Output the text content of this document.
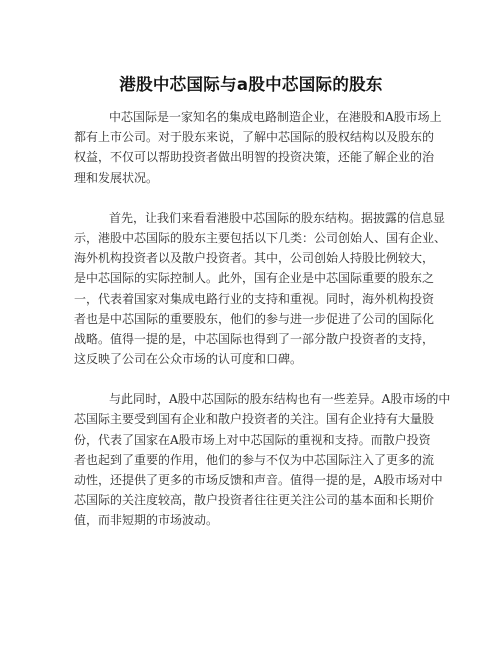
港股中芯国际与a股中芯国际的股东

中芯国际是一家知名的集成电路制造企业，在港股和A股市场上
都有上市公司。对于股东来说，了解中芯国际的股权结构以及股东的
权益，不仅可以帮助投资者做出明智的投资决策，还能了解企业的治
理和发展状况。

首先，让我们来看看港股中芯国际的股东结构。据披露的信息显
示，港股中芯国际的股东主要包括以下几类：公司创始人、国有企业、
海外机构投资者以及散户投资者。其中，公司创始人持股比例较大，
是中芯国际的实际控制人。此外，国有企业是中芯国际重要的股东之
一，代表着国家对集成电路行业的支持和重视。同时，海外机构投资
者也是中芯国际的重要股东，他们的参与进一步促进了公司的国际化
战略。值得一提的是，中芯国际也得到了一部分散户投资者的支持，
这反映了公司在公众市场的认可度和口碑。

与此同时，A股中芯国际的股东结构也有一些差异。A股市场的中
芯国际主要受到国有企业和散户投资者的关注。国有企业持有大量股
份，代表了国家在A股市场上对中芯国际的重视和支持。而散户投资
者也起到了重要的作用，他们的参与不仅为中芯国际注入了更多的流
动性，还提供了更多的市场反馈和声音。值得一提的是，A股市场对中
芯国际的关注度较高，散户投资者往往更关注公司的基本面和长期价
值，而非短期的市场波动。
